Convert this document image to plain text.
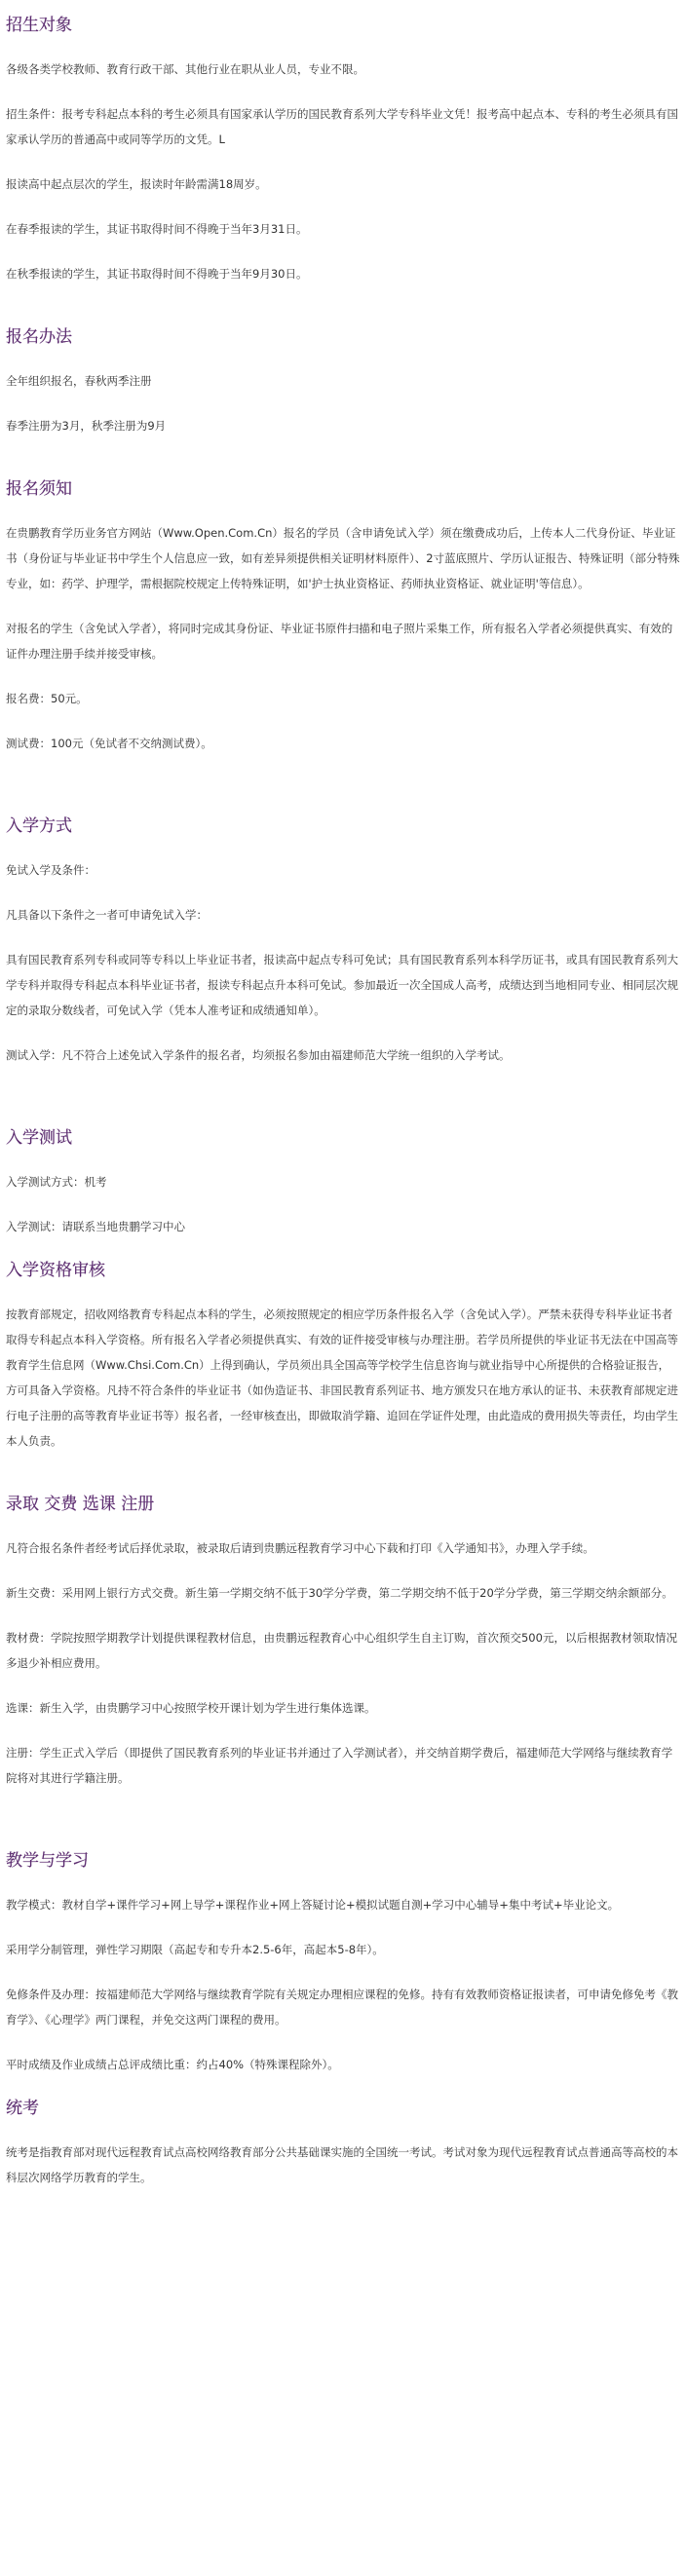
招生对象

各级各类学校教师、教育行政干部、其他行业在职从业人员，专业不限。

招生条件：报考专科起点本科的考生必须具有国家承认学历的国民教育系列大学专科毕业文凭！报考高中起点本、专科的考生必须具有国家承认学历的普通高中或同等学历的文凭。L

报读高中起点层次的学生，报读时年龄需满18周岁。

在春季报读的学生，其证书取得时间不得晚于当年3月31日。

在秋季报读的学生，其证书取得时间不得晚于当年9月30日。

报名办法

全年组织报名，春秋两季注册

春季注册为3月，秋季注册为9月

报名须知

在贵鹏教育学历业务官方网站（Www.Open.Com.Cn）报名的学员（含申请免试入学）须在缴费成功后，上传本人二代身份证、毕业证书（身份证与毕业证书中学生个人信息应一致，如有差异须提供相关证明材料原件）、2寸蓝底照片、学历认证报告、特殊证明（部分特殊专业，如：药学、护理学，需根据院校规定上传特殊证明，如'护士执业资格证、药师执业资格证、就业证明'等信息）。

对报名的学生（含免试入学者），将同时完成其身份证、毕业证书原件扫描和电子照片采集工作，所有报名入学者必须提供真实、有效的证件办理注册手续并接受审核。

报名费：50元。

测试费：100元（免试者不交纳测试费）。

入学方式

免试入学及条件：

凡具备以下条件之一者可申请免试入学：

具有国民教育系列专科或同等专科以上毕业证书者，报读高中起点专科可免试；具有国民教育系列本科学历证书，或具有国民教育系列大学专科并取得专科起点本科毕业证书者，报读专科起点升本科可免试。参加最近一次全国成人高考，成绩达到当地相同专业、相同层次规定的录取分数线者，可免试入学（凭本人准考证和成绩通知单）。

测试入学：凡不符合上述免试入学条件的报名者，均须报名参加由福建师范大学统一组织的入学考试。

入学测试

入学测试方式：机考

入学测试：请联系当地贵鹏学习中心

入学资格审核

按教育部规定，招收网络教育专科起点本科的学生，必须按照规定的相应学历条件报名入学（含免试入学）。严禁未获得专科毕业证书者取得专科起点本科入学资格。所有报名入学者必须提供真实、有效的证件接受审核与办理注册。若学员所提供的毕业证书无法在中国高等教育学生信息网（Www.Chsi.Com.Cn）上得到确认，学员须出具全国高等学校学生信息咨询与就业指导中心所提供的合格验证报告，方可具备入学资格。凡持不符合条件的毕业证书（如伪造证书、非国民教育系列证书、地方颁发只在地方承认的证书、未获教育部规定进行电子注册的高等教育毕业证书等）报名者，一经审核查出，即做取消学籍、追回在学证件处理，由此造成的费用损失等责任，均由学生本人负责。

录取 交费 选课 注册

凡符合报名条件者经考试后择优录取，被录取后请到贵鹏远程教育学习中心下载和打印《入学通知书》，办理入学手续。

新生交费：采用网上银行方式交费。新生第一学期交纳不低于30学分学费，第二学期交纳不低于20学分学费，第三学期交纳余额部分。

教材费：学院按照学期教学计划提供课程教材信息，由贵鹏远程教育心中心组织学生自主订购，首次预交500元，以后根据教材领取情况多退少补相应费用。

选课：新生入学，由贵鹏学习中心按照学校开课计划为学生进行集体选课。

注册：学生正式入学后（即提供了国民教育系列的毕业证书并通过了入学测试者），并交纳首期学费后，福建师范大学网络与继续教育学院将对其进行学籍注册。

教学与学习

教学模式：教材自学+课件学习+网上导学+课程作业+网上答疑讨论+模拟试题自测+学习中心辅导+集中考试+毕业论文。

采用学分制管理，弹性学习期限（高起专和专升本2.5-6年，高起本5-8年）。

免修条件及办理：按福建师范大学网络与继续教育学院有关规定办理相应课程的免修。持有有效教师资格证报读者，可申请免修免考《教育学》、《心理学》两门课程，并免交这两门课程的费用。

平时成绩及作业成绩占总评成绩比重：约占40%（特殊课程除外）。

统考

统考是指教育部对现代远程教育试点高校网络教育部分公共基础课实施的全国统一考试。考试对象为现代远程教育试点普通高等高校的本科层次网络学历教育的学生。
